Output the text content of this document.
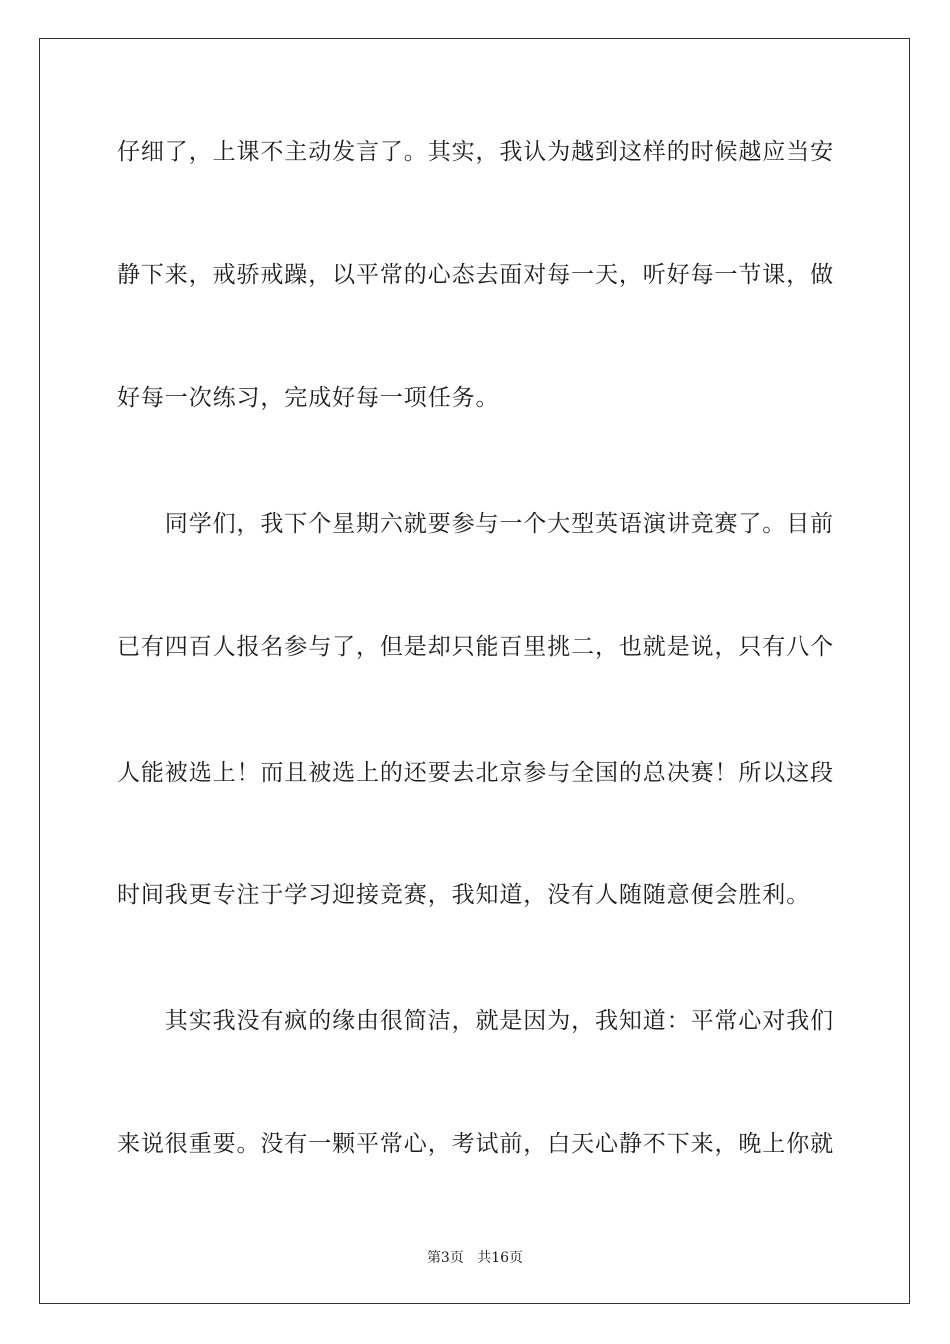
仔细了，上课不主动发言了。其实，我认为越到这样的时候越应当安
静下来，戒骄戒躁，以平常的心态去面对每一天，听好每一节课，做
好每一次练习，完成好每一项任务。
　　同学们，我下个星期六就要参与一个大型英语演讲竞赛了。目前
已有四百人报名参与了，但是却只能百里挑二，也就是说，只有八个
人能被选上！而且被选上的还要去北京参与全国的总决赛！所以这段
时间我更专注于学习迎接竞赛，我知道，没有人随随意便会胜利。
　　其实我没有疯的缘由很简洁，就是因为，我知道：平常心对我们
来说很重要。没有一颗平常心，考试前，白天心静不下来，晚上你就
第3页 共16页
